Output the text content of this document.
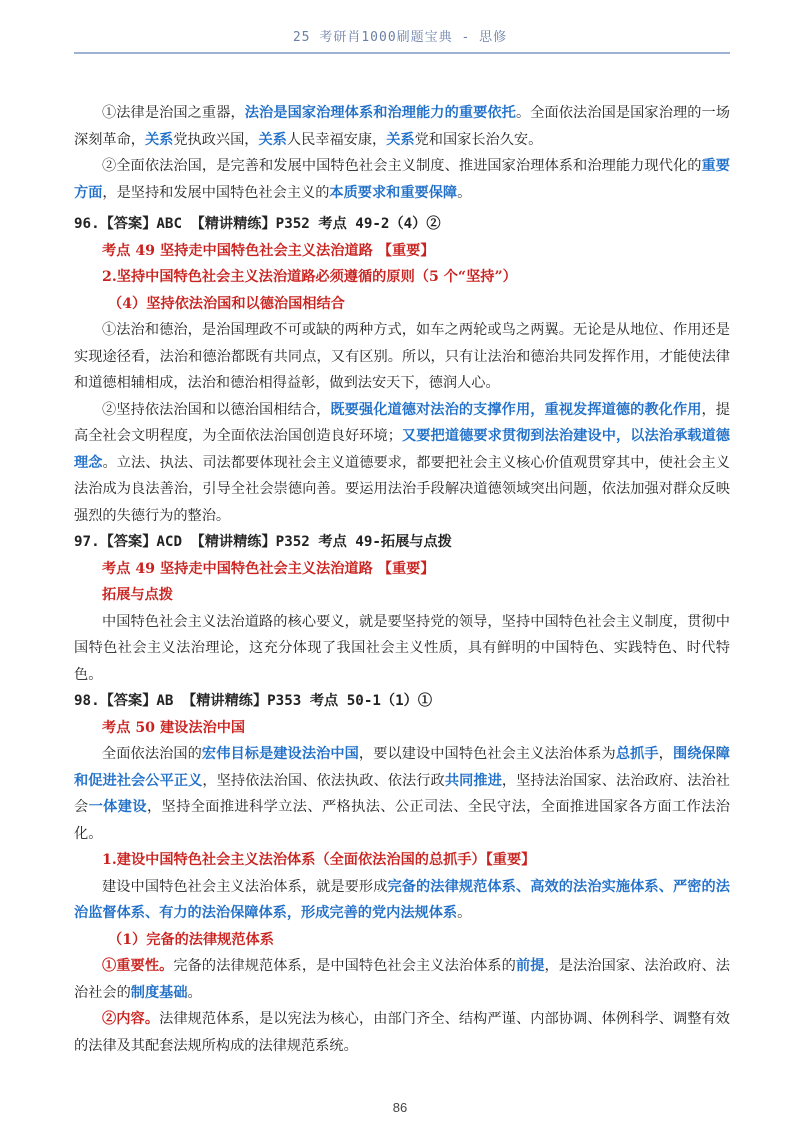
25 考研肖1000刷题宝典 - 思修

①法律是治国之重器，法治是国家治理体系和治理能力的重要依托。全面依法治国是国家治理的一场深刻革命，关系党执政兴国，关系人民幸福安康，关系党和国家长治久安。

②全面依法治国，是完善和发展中国特色社会主义制度、推进国家治理体系和治理能力现代化的重要方面，是坚持和发展中国特色社会主义的本质要求和重要保障。

96.【答案】ABC 【精讲精练】P352 考点 49-2（4）②

考点 49 坚持走中国特色社会主义法治道路 【重要】

2.坚持中国特色社会主义法治道路必须遵循的原则（5 个“坚持”）

（4）坚持依法治国和以德治国相结合

①法治和德治，是治国理政不可或缺的两种方式，如车之两轮或鸟之两翼。无论是从地位、作用还是实现途径看，法治和德治都既有共同点，又有区别。所以，只有让法治和德治共同发挥作用，才能使法律和道德相辅相成，法治和德治相得益彰，做到法安天下，德润人心。

②坚持依法治国和以德治国相结合，既要强化道德对法治的支撑作用，重视发挥道德的教化作用，提高全社会文明程度，为全面依法治国创造良好环境；又要把道德要求贯彻到法治建设中，以法治承载道德理念。立法、执法、司法都要体现社会主义道德要求，都要把社会主义核心价值观贯穿其中，使社会主义法治成为良法善治，引导全社会崇德向善。要运用法治手段解决道德领域突出问题，依法加强对群众反映强烈的失德行为的整治。

97.【答案】ACD 【精讲精练】P352 考点 49-拓展与点拨

考点 49 坚持走中国特色社会主义法治道路 【重要】

拓展与点拨

中国特色社会主义法治道路的核心要义，就是要坚持党的领导，坚持中国特色社会主义制度，贯彻中国特色社会主义法治理论，这充分体现了我国社会主义性质，具有鲜明的中国特色、实践特色、时代特色。

98.【答案】AB 【精讲精练】P353 考点 50-1（1）①

考点 50 建设法治中国

全面依法治国的宏伟目标是建设法治中国，要以建设中国特色社会主义法治体系为总抓手，围绕保障和促进社会公平正义，坚持依法治国、依法执政、依法行政共同推进，坚持法治国家、法治政府、法治社会一体建设，坚持全面推进科学立法、严格执法、公正司法、全民守法，全面推进国家各方面工作法治化。

1.建设中国特色社会主义法治体系（全面依法治国的总抓手）【重要】

建设中国特色社会主义法治体系，就是要形成完备的法律规范体系、高效的法治实施体系、严密的法治监督体系、有力的法治保障体系，形成完善的党内法规体系。

（1）完备的法律规范体系

①重要性。完备的法律规范体系，是中国特色社会主义法治体系的前提，是法治国家、法治政府、法治社会的制度基础。

②内容。法律规范体系，是以宪法为核心，由部门齐全、结构严谨、内部协调、体例科学、调整有效的法律及其配套法规所构成的法律规范系统。

86
